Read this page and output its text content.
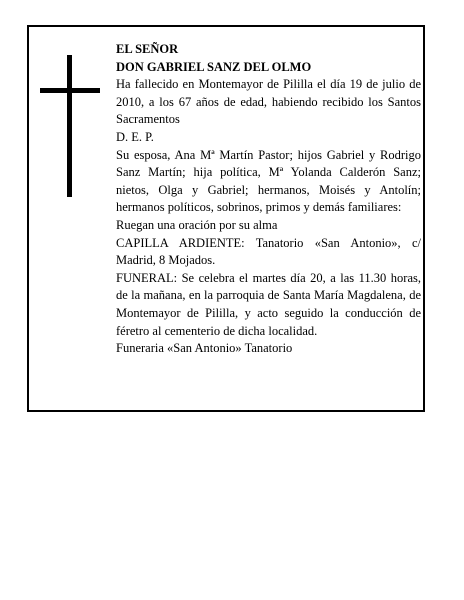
EL SEÑOR

DON GABRIEL SANZ DEL OLMO

Ha fallecido en Montemayor de Pililla el día 19 de julio de 2010, a los 67 años de edad, habiendo recibido los Santos Sacramentos

D. E. P.

Su esposa, Ana Mª Martín Pastor; hijos Gabriel y Rodrigo Sanz Martín; hija política, Mª Yolanda Calderón Sanz; nietos, Olga y Gabriel; hermanos, Moisés y Antolín; hermanos políticos, sobrinos, primos y demás familiares:

Ruegan una oración por su alma

CAPILLA ARDIENTE: Tanatorio «San Antonio», c/ Madrid, 8 Mojados.

FUNERAL: Se celebra el martes día 20, a las 11.30 horas, de la mañana, en la parroquia de Santa María Magdalena, de Montemayor de Pililla, y acto seguido la conducción de féretro al cementerio de dicha localidad.

Funeraria «San Antonio» Tanatorio
